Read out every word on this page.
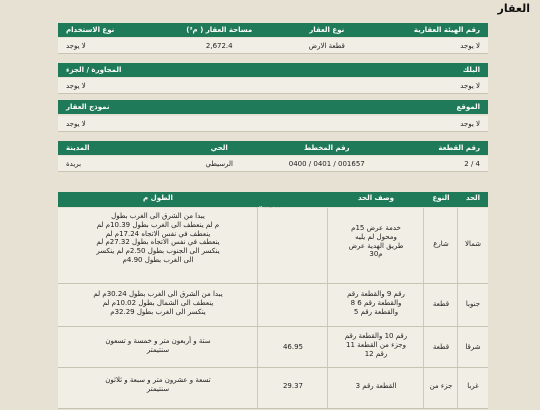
العقار
رقم الهيئة العقارية
نوع العقار
مساحة العقار ( م²)
نوع الاستخدام
لا يوجد
قطعة الارض
2,672.4
لا يوجد
البلك
المجاورة / الجزء
لا يوجد
لا يوجد
الموقع
نموذج العقار
لا يوجد
لا يوجد
رقم القطعة
رقم المخطط
الحي
المدينة
2 / 4
0400 / 0401 / 001657
الرسيطي
بريدة
الحد
النوع
وصف الحد
الطول م
شمالا
شارع
خدمة عرض 15م
ومحول لم يليه
طريق الهدية عرض
30م
يبدا من الشرق الى الغرب بطول
م لم ينعطف الى الغرب بطول 10.39م لم
ينعطف في نفس الاتجاه 17.24م لم
ينعطف في نفس الاتجاه بطول 27.32م لم
ينكسر الى الجنوب بطول 2.50م لم ينكسر
الى الغرب بطول 4.90م
جنوبا
قطعة
رقم 9 والقطعة رقم
8 والقطعة رقم 6
والقطعة رقم 5
يبدا من الشرق الى الغرب بطول 30.24م لم
ينعطف الى الشمال بطول 10.02م لم
ينكسر الى الغرب بطول 32.29م
شرقا
قطعة
رقم 10 والقطعة رقم
وجزء من القطعة 11
رقم 12
46.95
ستة و أربعون متر و خمسة و تسعون
سنتيمتر
غربا
جزء من
القطعة رقم 3
29.37
تسعة و عشرون متر و سبعة و ثلاثون
سنتيمتر
